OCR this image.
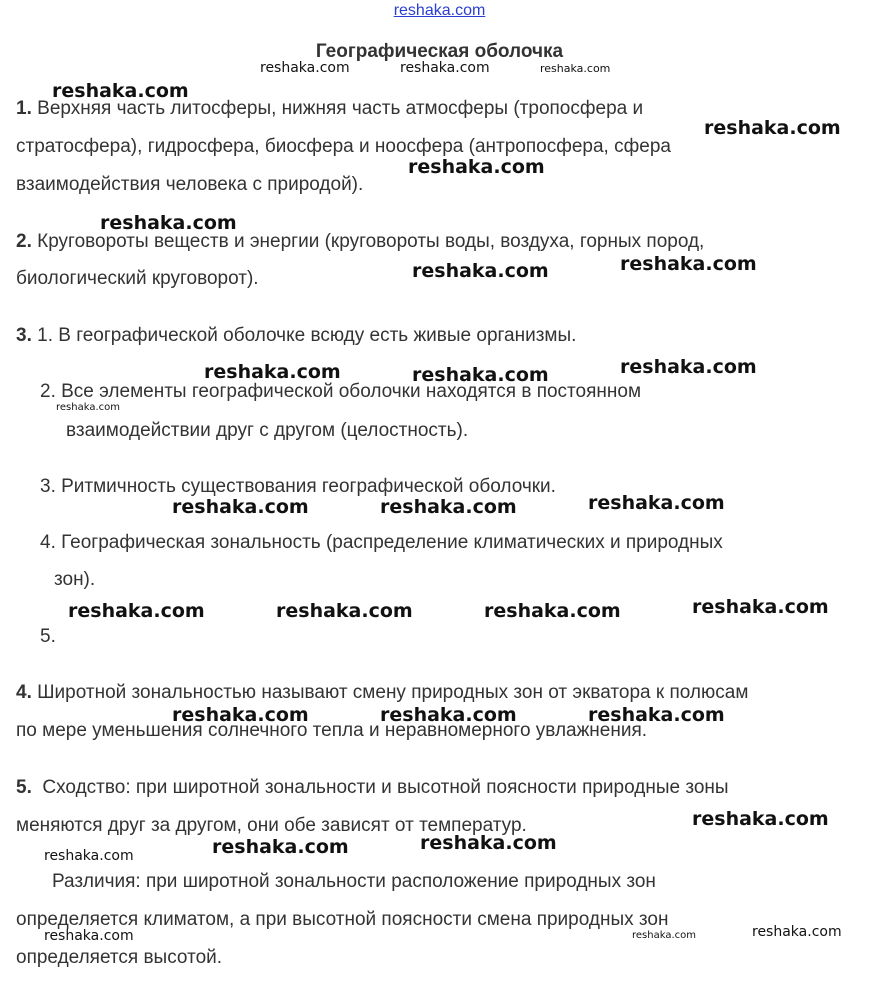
reshaka.com
Географическая оболочка
1. Верхняя часть литосферы, нижняя часть атмосферы (тропосфера и
стратосфера), гидросфера, биосфера и ноосфера (антропосфера, сфера
взаимодействия человека с природой).
2. Круговороты веществ и энергии (круговороты воды, воздуха, горных пород,
биологический круговорот).
3. 1. В географической оболочке всюду есть живые организмы.
2. Все элементы географической оболочки находятся в постоянном
взаимодействии друг с другом (целостность).
3. Ритмичность существования географической оболочки.
4. Географическая зональность (распределение климатических и природных
зон).
5.
4. Широтной зональностью называют смену природных зон от экватора к полюсам
по мере уменьшения солнечного тепла и неравномерного увлажнения.
5. Сходство: при широтной зональности и высотной поясности природные зоны
меняются друг за другом, они обе зависят от температур.
Различия: при широтной зональности расположение природных зон
определяется климатом, а при высотной поясности смена природных зон
определяется высотой.
reshaka.com	reshaka.com	reshaka.com
reshaka.com
reshaka.com
reshaka.com
reshaka.com
reshaka.com
reshaka.com
reshaka.com	reshaka.com	reshaka.com
reshaka.com
reshaka.com	reshaka.com	reshaka.com
reshaka.com	reshaka.com	reshaka.com	reshaka.com
reshaka.com	reshaka.com	reshaka.com
reshaka.com
reshaka.com	reshaka.com
reshaka.com
reshaka.com	reshaka.com	reshaka.com
